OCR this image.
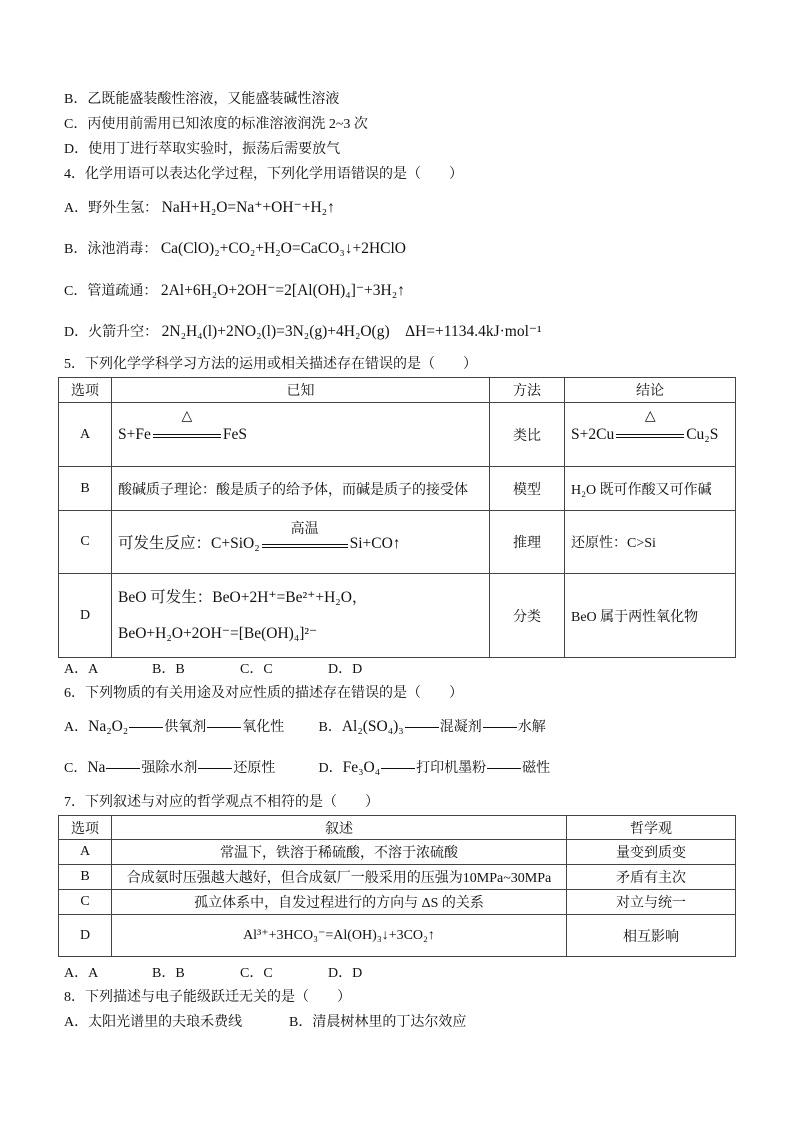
B．乙既能盛装酸性溶液，又能盛装碱性溶液
C．丙使用前需用已知浓度的标准溶液润洗 2~3 次
D．使用丁进行萃取实验时，振荡后需要放气
4．化学用语可以表达化学过程，下列化学用语错误的是（　　）
A．野外生氢： NaH+H₂O=Na⁺+OH⁻+H₂↑
B．泳池消毒： Ca(ClO)₂+CO₂+H₂O=CaCO₃↓+2HClO
C．管道疏通： 2Al+6H₂O+2OH⁻=2[Al(OH)₄]⁻+3H₂↑
D．火箭升空： 2N₂H₄(l)+2NO₂(l)=3N₂(g)+4H₂O(g)　ΔH=+1134.4kJ·mol⁻¹
5．下列化学学科学习方法的运用或相关描述存在错误的是（　　）
选项	已知	方法	结论
A	S+Fe
△
FeS	类比	S+2Cu
△
Cu₂S
B	酸碱质子理论：酸是质子的给予体，而碱是质子的接受体	模型	H₂O 既可作酸又可作碱
C	可发生反应：C+SiO₂
高温
Si+CO↑	推理	还原性：C>Si
D	BeO 可发生：BeO+2H⁺=Be²⁺+H₂O，
BeO+H₂O+2OH⁻=[Be(OH)₄]²⁻	分类	BeO 属于两性氧化物
A．A	B．B	C．C	D．D
6．下列物质的有关用途及对应性质的描述存在错误的是（　　）
A．Na₂O₂	供氧剂	氧化性 B．Al₂(SO₄)₃	混凝剂	水解
C．Na	强除水剂	还原性	D．Fe₃O₄	打印机墨粉	磁性
7．下列叙述与对应的哲学观点不相符的是（　　）
选项	叙述	哲学观
A	常温下，铁溶于稀硫酸，不溶于浓硫酸	量变到质变
B	合成氨时压强越大越好，但合成氨厂一般采用的压强为10MPa~30MPa	矛盾有主次
C	孤立体系中，自发过程进行的方向与 ΔS 的关系	对立与统一
D	Al³⁺+3HCO₃⁻=Al(OH)₃↓+3CO₂↑	相互影响
A．A	B．B	C．C	D．D
8．下列描述与电子能级跃迁无关的是（　　）
A．太阳光谱里的夫琅禾费线	B．清晨树林里的丁达尔效应
